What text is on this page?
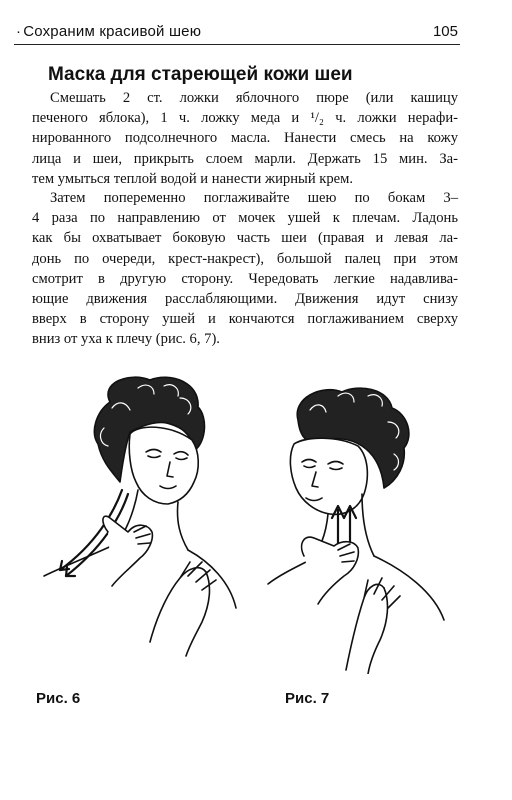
· Сохраним красивой шею	105
Маска для стареющей кожи шеи
Смешать 2 ст. ложки яблочного пюре (или кашицу
печеного яблока), 1 ч. ложку меда и ¹/₂ ч. ложки нерафи-
нированного подсолнечного масла. Нанести смесь на кожу
лица и шеи, прикрыть слоем марли. Держать 15 мин. За-
тем умыться теплой водой и нанести жирный крем.
Затем попеременно поглаживайте шею по бокам 3–
4 раза по направлению от мочек ушей к плечам. Ладонь
как бы охватывает боковую часть шеи (правая и левая ла-
донь по очереди, крест-накрест), большой палец при этом
смотрит в другую сторону. Чередовать легкие надавлива-
ющие движения расслабляющими. Движения идут снизу
вверх в сторону ушей и кончаются поглаживанием сверху
вниз от уха к плечу (рис. 6, 7).
Рис. 6	Рис. 7
